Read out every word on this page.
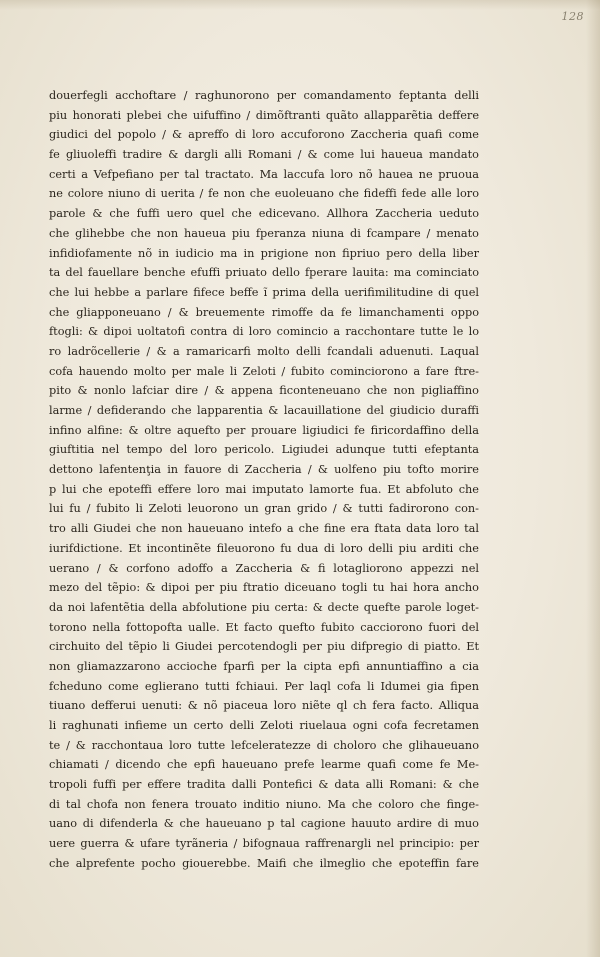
128
douerfegli acchoftare / raghunorono per comandamento feptanta delli
piu honorati plebei che uifuffino / dimõftranti quãto allapparẽtia deffere
giudici del popolo / & apreffo di loro accuforono Zaccheria quafi come
fe gliuoleffi tradire & dargli alli Romani / & come lui haueua mandato
certi a Vefpefiano per tal tractato. Ma laccufa loro nõ hauea ne pruoua
ne colore niuno di uerita / fe non che euoleuano che fideffi fede alle loro
parole & che fuffi uero quel che edicevano. Allhora Zaccheria ueduto
che glihebbe che non haueua piu fperanza niuna di fcampare / menato
infidiofamente nõ in iudicio ma in prigione non fipriuo pero della liber
ta del fauellare benche efuffi priuato dello fperare lauita: ma cominciato
che lui hebbe a parlare fifece beffe ĩ prima della uerifimilitudine di quel
che gliapponeuano / & breuemente rimoffe da fe limanchamenti oppo
ftogli: & dipoi uoltatofi contra di loro comincio a racchontare tutte le lo
ro ladrõcellerie / & a ramaricarfi molto delli fcandali aduenuti. Laqual
cofa hauendo molto per male li Zeloti / fubito cominciorono a fare ftre-
pito & nonlo lafciar dire / & appena ficonteneuano che non pigliaffino
larme / defiderando che lapparentia & lacauillatione del giudicio duraffi
infino alfine: & oltre aquefto per prouare ligiudici fe firicordaffino della
giuftitia nel tempo del loro pericolo. Ligiudei adunque tutti efeptanta
dettono lafentenţia in fauore di Zaccheria / & uolfeno piu tofto morire
p lui che epoteffi effere loro mai imputato lamorte fua. Et abfoluto che
lui fu / fubito li Zeloti leuorono un gran grido / & tutti fadirorono con-
tro alli Giudei che non haueuano intefo a che fine era ftata data loro tal
iurifdictione. Et incontinẽte fileuorono fu dua di loro delli piu arditi che
uerano / & corfono adoffo a Zaccheria & fi lotagliorono appezzi nel
mezo del tẽpio: & dipoi per piu ftratio diceuano togli tu hai hora ancho
da noi lafentẽtia della abfolutione piu certa: & decte quefte parole loget-
torono nella fottopofta ualle. Et facto quefto fubito cacciorono fuori del
circhuito del tẽpio li Giudei percotendogli per piu difpregio di piatto. Et
non gliamazzarono accioche fparfi per la cipta epfi annuntiaffino a cia
fcheduno come eglierano tutti fchiaui. Per laql cofa li Idumei gia fipen
tiuano defferui uenuti: & nõ piaceua loro niẽte ql ch fera facto. Alliqua
li raghunati infieme un certo delli Zeloti riuelaua ogni cofa fecretamen
te / & racchontaua loro tutte lefceleratezze di choloro che glihaueuano
chiamati / dicendo che epfi haueuano prefe learme quafi come fe Me-
tropoli fuffi per effere tradita dalli Pontefici & data alli Romani: & che
di tal chofa non fenera trouato inditio niuno. Ma che coloro che finge-
uano di difenderla & che haueuano p tal cagione hauuto ardire di muo
uere guerra & ufare tyrãneria / bifognaua raffrenargli nel principio: per
che alprefente pocho giouerebbe. Maifi che ilmeglio che epoteffin fare
